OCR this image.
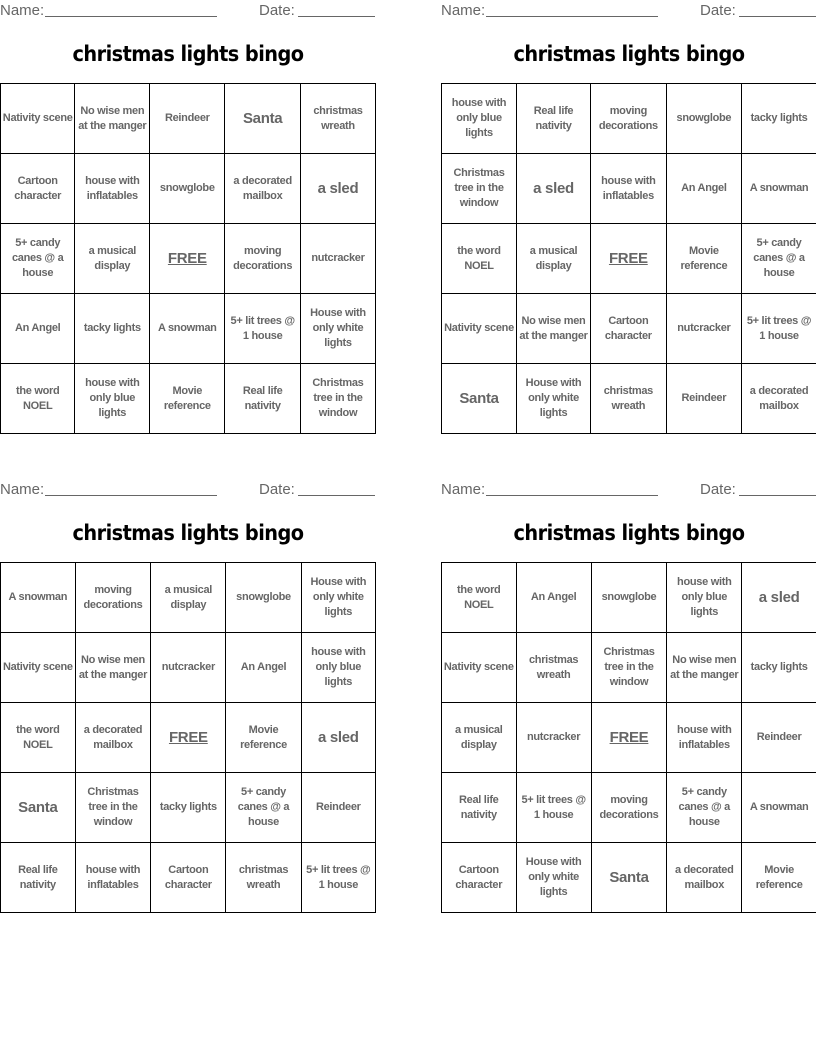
Name:	Date:
christmas lights bingo
Nativity scene	No wise men at the manger	Reindeer	Santa	christmas wreath
Cartoon character	house with inflatables	snowglobe	a decorated mailbox	a sled
5+ candy canes @ a house	a musical display	FREE	moving decorations	nutcracker
An Angel	tacky lights	A snowman	5+ lit trees @ 1 house	House with only white lights
the word NOEL	house with only blue lights	Movie reference	Real life nativity	Christmas tree in the window
Name:	Date:
christmas lights bingo
house with only blue lights	Real life nativity	moving decorations	snowglobe	tacky lights
Christmas tree in the window	a sled	house with inflatables	An Angel	A snowman
the word NOEL	a musical display	FREE	Movie reference	5+ candy canes @ a house
Nativity scene	No wise men at the manger	Cartoon character	nutcracker	5+ lit trees @ 1 house
Santa	House with only white lights	christmas wreath	Reindeer	a decorated mailbox
Name:	Date:
christmas lights bingo
A snowman	moving decorations	a musical display	snowglobe	House with only white lights
Nativity scene	No wise men at the manger	nutcracker	An Angel	house with only blue lights
the word NOEL	a decorated mailbox	FREE	Movie reference	a sled
Santa	Christmas tree in the window	tacky lights	5+ candy canes @ a house	Reindeer
Real life nativity	house with inflatables	Cartoon character	christmas wreath	5+ lit trees @ 1 house
Name:	Date:
christmas lights bingo
the word NOEL	An Angel	snowglobe	house with only blue lights	a sled
Nativity scene	christmas wreath	Christmas tree in the window	No wise men at the manger	tacky lights
a musical display	nutcracker	FREE	house with inflatables	Reindeer
Real life nativity	5+ lit trees @ 1 house	moving decorations	5+ candy canes @ a house	A snowman
Cartoon character	House with only white lights	Santa	a decorated mailbox	Movie reference
